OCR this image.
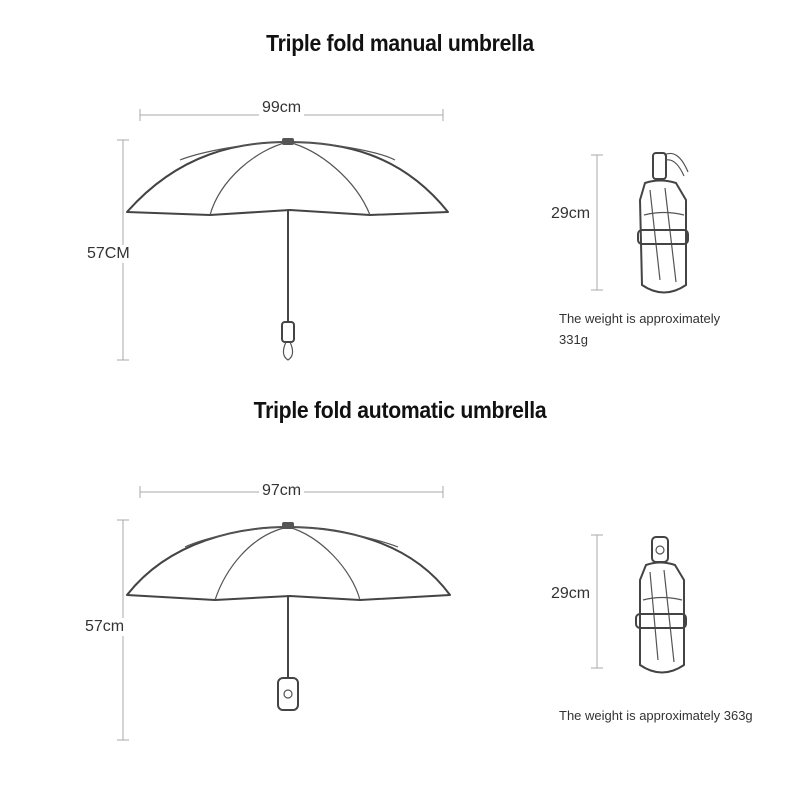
Triple fold manual umbrella
99cm
57CM
29cm
The weight is approximately
331g
Triple fold automatic umbrella
97cm
57cm
29cm
The weight is approximately 363g
